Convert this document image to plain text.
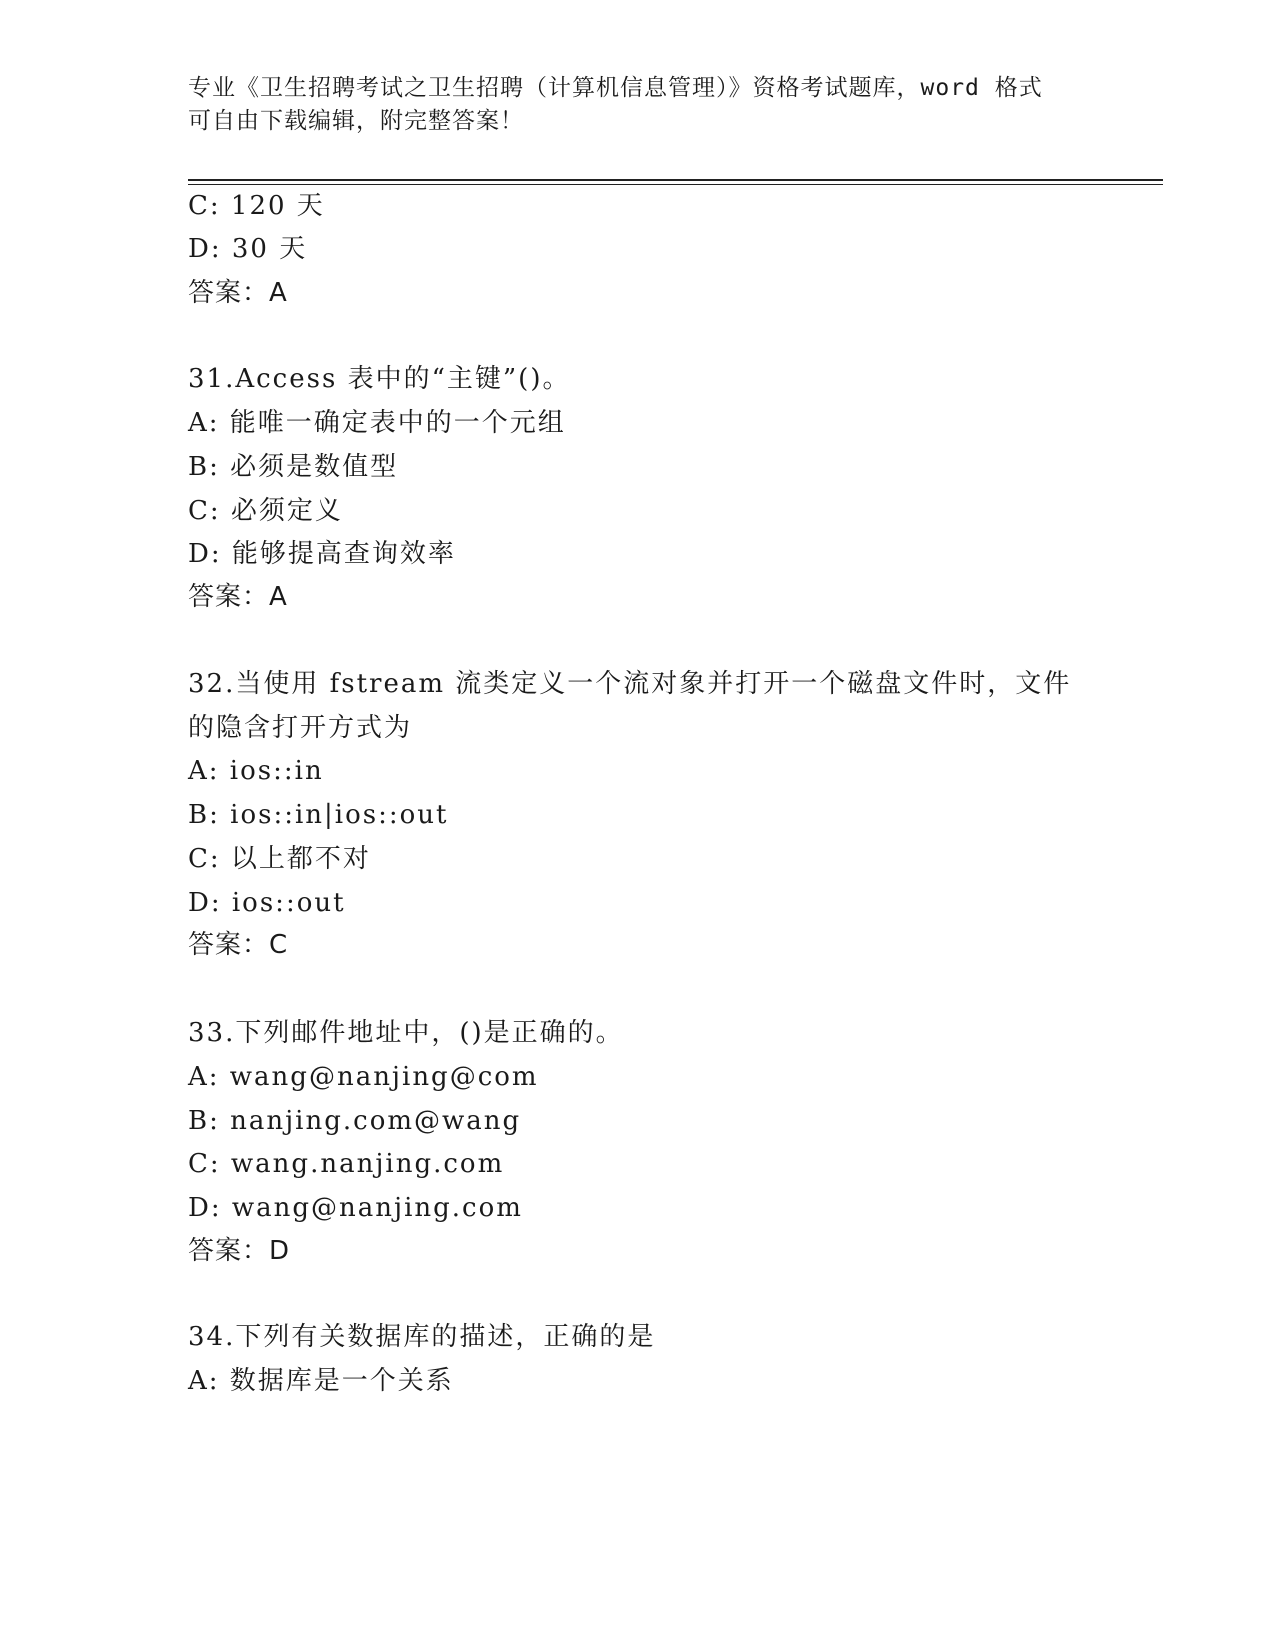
专业《卫生招聘考试之卫生招聘（计算机信息管理）》资格考试题库，word 格式
可自由下载编辑，附完整答案！
C: 120 天
D: 30 天
答案：A
31.Access 表中的“主键”()。
A: 能唯一确定表中的一个元组
B: 必须是数值型
C: 必须定义
D: 能够提高查询效率
答案：A
32.当使用 fstream 流类定义一个流对象并打开一个磁盘文件时，文件
的隐含打开方式为
A: ios::in
B: ios::in|ios::out
C: 以上都不对
D: ios::out
答案：C
33.下列邮件地址中，()是正确的。
A: wang@nanjing@com
B: nanjing.com@wang
C: wang.nanjing.com
D: wang@nanjing.com
答案：D
34.下列有关数据库的描述，正确的是
A: 数据库是一个关系
